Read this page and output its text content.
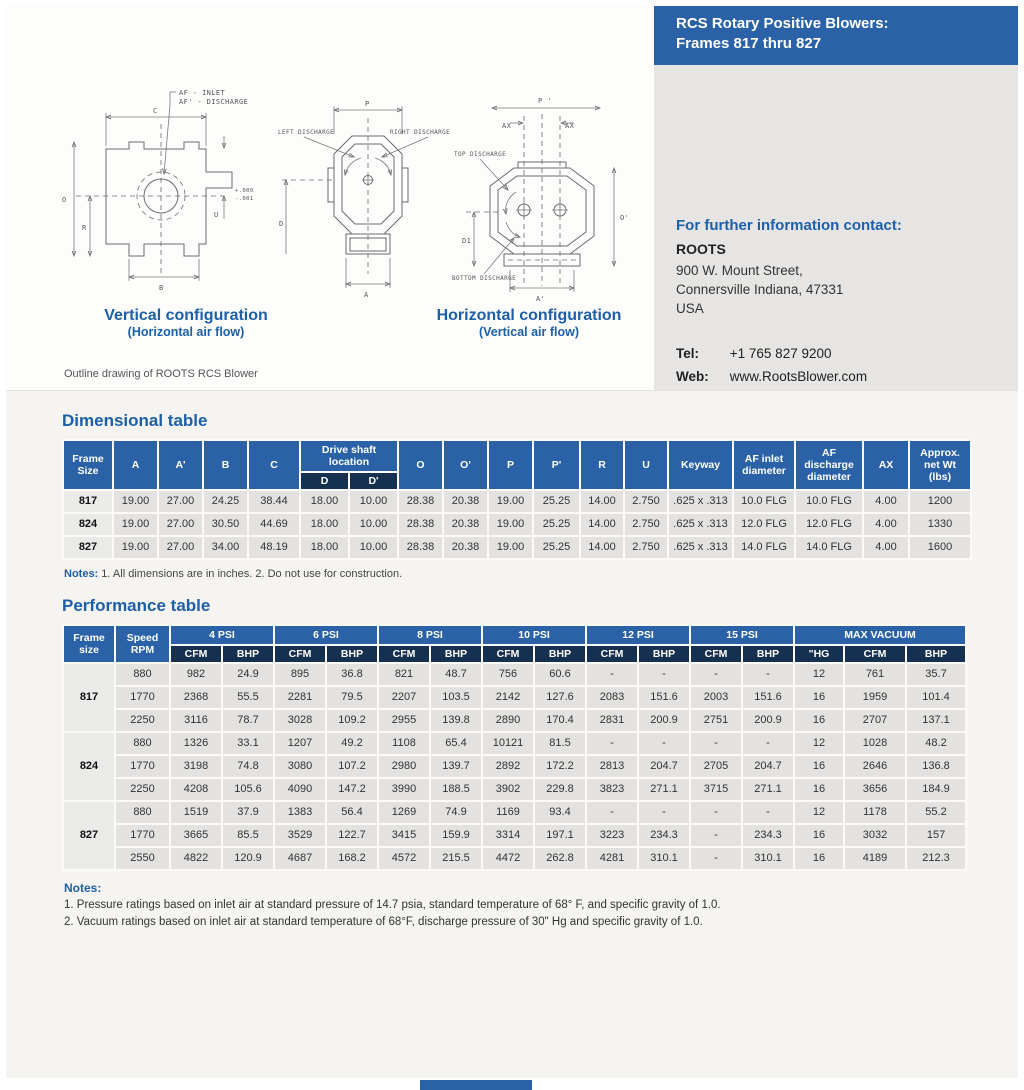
C
O
R
B
U
+.000
-.001
AF - INLET
AF' - DISCHARGE	P
LEFT DISCHARGE	RIGHT DISCHARGE
D
A
P '
AX	AX
O'
D1
A'
TOP DISCHARGE
BOTTOM DISCHARGE
Vertical configuration
(Horizontal air flow)
Horizontal configuration
(Vertical air flow)
Outline drawing of ROOTS RCS Blower
RCS Rotary Positive Blowers:
Frames 817 thru 827
For further information contact:
ROOTS
900 W. Mount Street,
Connersville Indiana, 47331
USA
Tel: +1 765 827 9200
Web: www.RootsBlower.com
Dimensional table
Frame Size	A	A'	B	C	Drive shaft location		O	O'	P	P'	R	U	Keyway	AF inlet diameter	AF discharge diameter	AX	Approx. net Wt (lbs)
					D	D'											
817	19.00	27.00	24.25	38.44	18.00	10.00	28.38	20.38	19.00	25.25	14.00	2.750	.625 x .313	10.0 FLG	10.0 FLG	4.00	1200
824	19.00	27.00	30.50	44.69	18.00	10.00	28.38	20.38	19.00	25.25	14.00	2.750	.625 x .313	12.0 FLG	12.0 FLG	4.00	1330
827	19.00	27.00	34.00	48.19	18.00	10.00	28.38	20.38	19.00	25.25	14.00	2.750	.625 x .313	14.0 FLG	14.0 FLG	4.00	1600

Notes: 1. All dimensions are in inches. 2. Do not use for construction.

Performance table
Frame size	Speed RPM	4 PSI		6 PSI		8 PSI		10 PSI		12 PSI		15 PSI		MAX VACUUM		
		CFM	BHP	CFM	BHP	CFM	BHP	CFM	BHP	CFM	BHP	CFM	BHP	"HG	CFM	BHP
817	880	982	24.9	895	36.8	821	48.7	756	60.6	-	-	-	-	12	761	35.7
	1770	2368	55.5	2281	79.5	2207	103.5	2142	127.6	2083	151.6	2003	151.6	16	1959	101.4
	2250	3116	78.7	3028	109.2	2955	139.8	2890	170.4	2831	200.9	2751	200.9	16	2707	137.1
824	880	1326	33.1	1207	49.2	1108	65.4	10121	81.5	-	-	-	-	12	1028	48.2
	1770	3198	74.8	3080	107.2	2980	139.7	2892	172.2	2813	204.7	2705	204.7	16	2646	136.8
	2250	4208	105.6	4090	147.2	3990	188.5	3902	229.8	3823	271.1	3715	271.1	16	3656	184.9
827	880	1519	37.9	1383	56.4	1269	74.9	1169	93.4	-	-	-	-	12	1178	55.2
	1770	3665	85.5	3529	122.7	3415	159.9	3314	197.1	3223	234.3	-	234.3	16	3032	157
	2550	4822	120.9	4687	168.2	4572	215.5	4472	262.8	4281	310.1	-	310.1	16	4189	212.3
Notes:
1. Pressure ratings based on inlet air at standard pressure of 14.7 psia, standard temperature of 68° F, and specific gravity of 1.0.
2. Vacuum ratings based on inlet air at standard temperature of 68°F, discharge pressure of 30" Hg and specific gravity of 1.0.
